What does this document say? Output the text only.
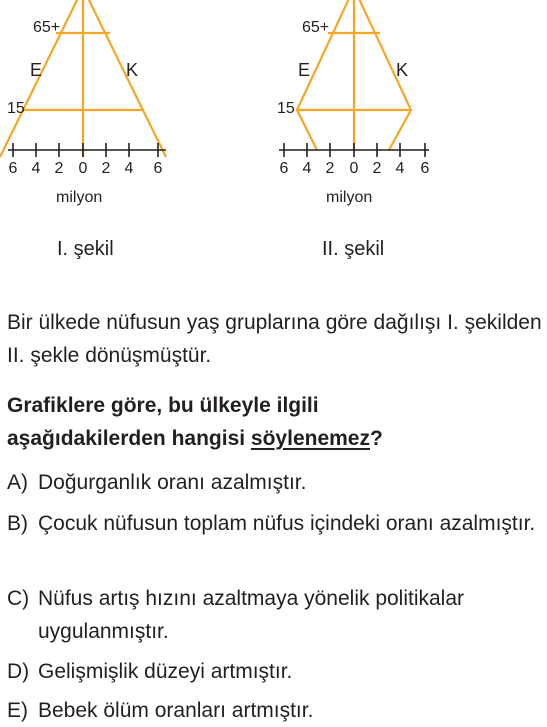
65+
E	K
15
6 4 2 0 2 4 6
milyon
I. şekil
65+
E	K
15
6 4 2 0 2 4 6
milyon
II. şekil
Bir ülkede nüfusun yaş gruplarına göre dağılışı I. şekilden II. şekle dönüşmüştür.
Grafiklere göre, bu ülkeyle ilgili
aşağıdakilerden hangisi söylenemez?
A) Doğurganlık oranı azalmıştır.
B) Çocuk nüfusun toplam nüfus içindeki oranı azalmıştır.
C) Nüfus artış hızını azaltmaya yönelik politikalar uygulanmıştır.
D) Gelişmişlik düzeyi artmıştır.
E) Bebek ölüm oranları artmıştır.
